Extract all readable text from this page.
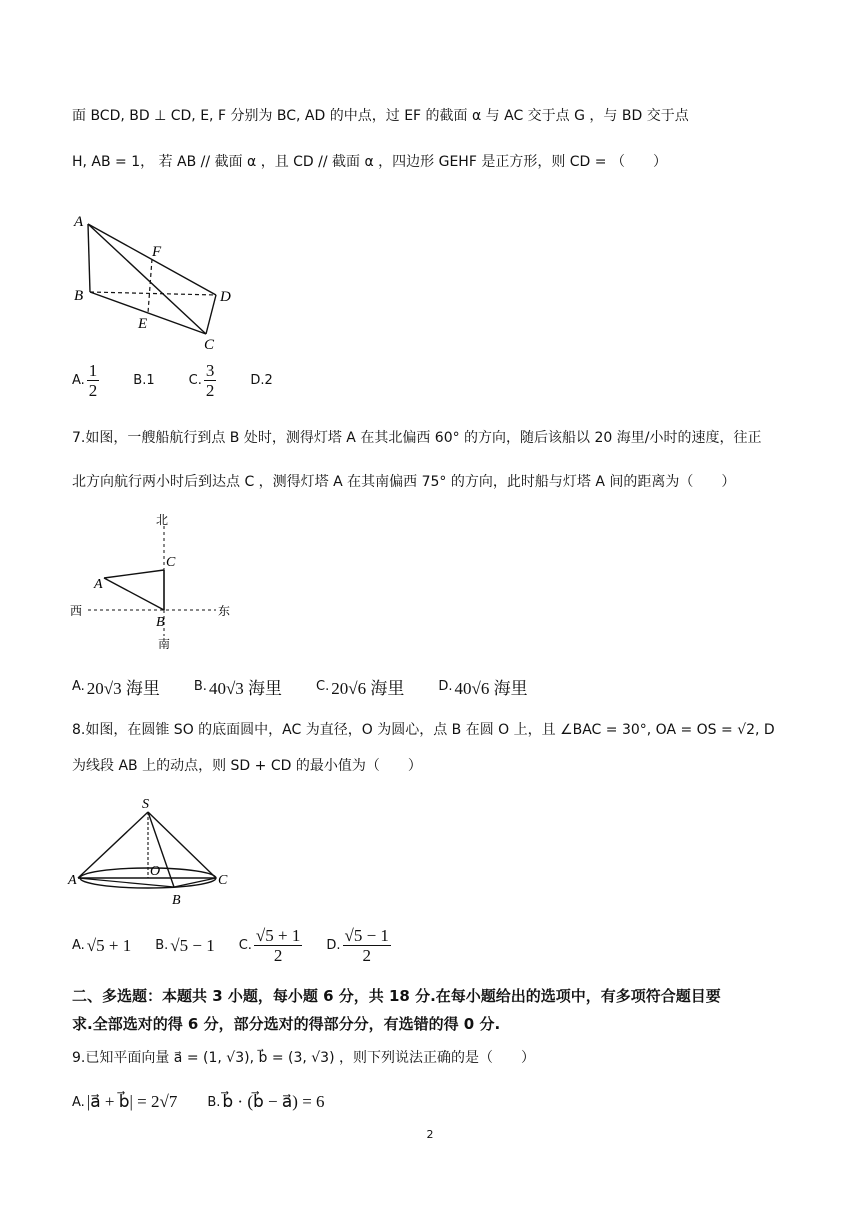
面 BCD, BD ⊥ CD, E, F 分别为 BC, AD 的中点，过 EF 的截面 α 与 AC 交于点 G ，与 BD 交于点
H, AB = 1， 若 AB // 截面 α ，且 CD // 截面 α ，四边形 GEHF 是正方形，则 CD = （　　）
A
F
B	D
E
C
A. $\frac{1}{2}$	B.1	C. $\frac{3}{2}$	D.2
7.如图，一艘船航行到点 B 处时，测得灯塔 A 在其北偏西 60° 的方向，随后该船以 20 海里/小时的速度，往正
北方向航行两小时后到达点 C ，测得灯塔 A 在其南偏西 75° 的方向，此时船与灯塔 A 间的距离为（　　）
北
C
A
西	东
B
南
A. 20√3 海里	B. 40√3 海里	C. 20√6 海里	D. 40√6 海里
8.如图，在圆锥 SO 的底面圆中，AC 为直径，O 为圆心，点 B 在圆 O 上，且 ∠BAC = 30°, OA = OS = √2, D
为线段 AB 上的动点，则 SD + CD 的最小值为（　　）
S
A
O
C
B
A. √5 + 1 B. √5 − 1 C. $\frac{√5 + 1}{2} D$. $\frac{√5 - 1}{2}$
二、多选题：本题共 3 小题，每小题 6 分，共 18 分.在每小题给出的选项中，有多项符合题目要
求.全部选对的得 6 分，部分选对的得部分分，有选错的得 0 分.
9.已知平面向量 a⃗ = (1, √3), b⃗ = (3, √3) ，则下列说法正确的是（　　）
A. |a⃗ + b⃗| = 2√7 B. b⃗ · (b⃗ − a⃗) = 6
2
